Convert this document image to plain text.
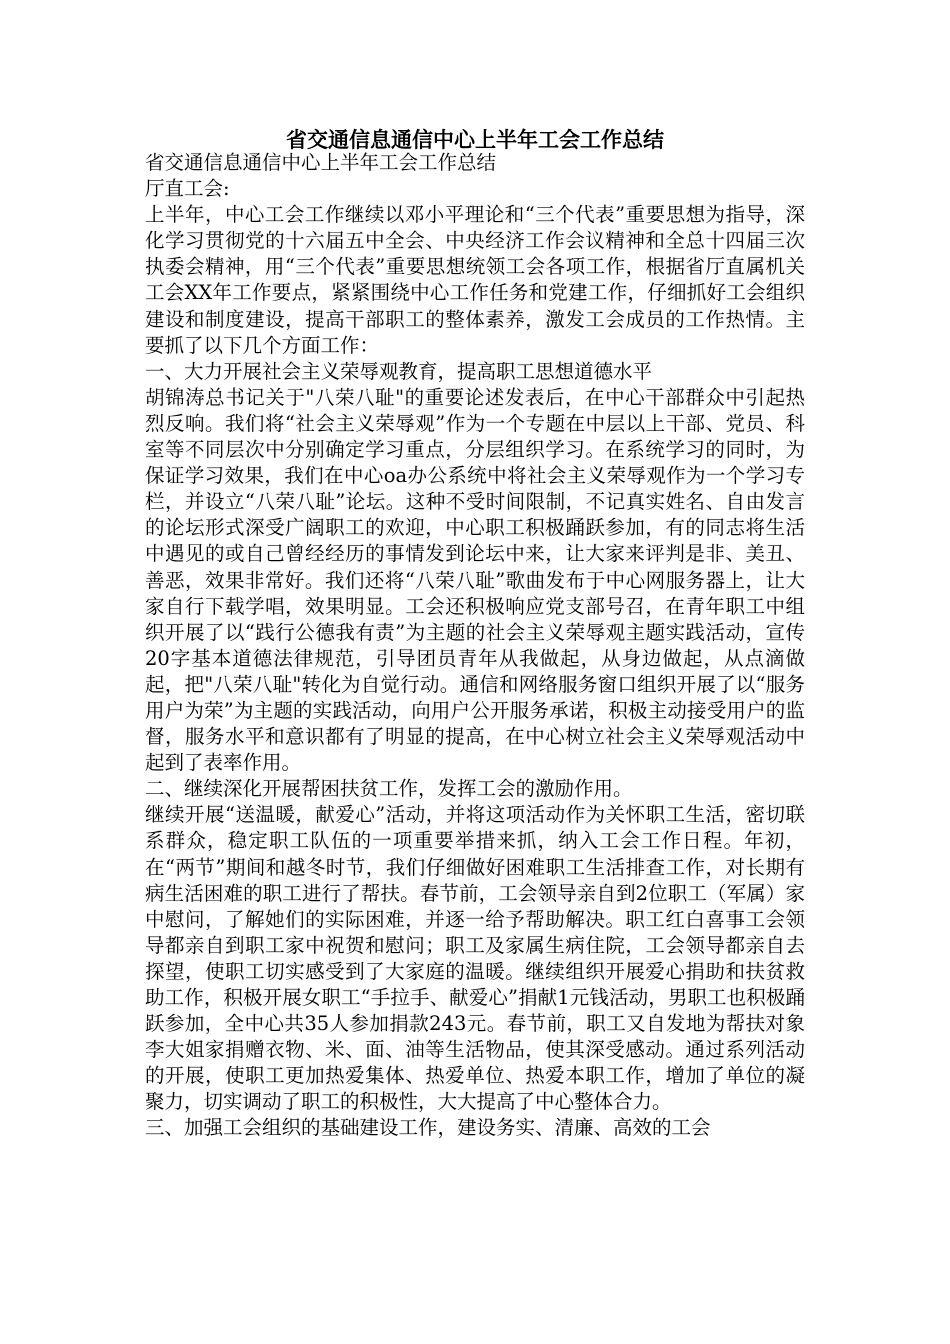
省交通信息通信中心上半年工会工作总结

省交通信息通信中心上半年工会工作总结

厅直工会:

上半年，中心工会工作继续以邓小平理论和“三个代表”重要思想为指导，深化学习贯彻党的十六届五中全会、中央经济工作会议精神和全总十四届三次执委会精神，用“三个代表”重要思想统领工会各项工作，根据省厅直属机关工会XX年工作要点，紧紧围绕中心工作任务和党建工作，仔细抓好工会组织建设和制度建设，提高干部职工的整体素养，激发工会成员的工作热情。主要抓了以下几个方面工作：

一、大力开展社会主义荣辱观教育，提高职工思想道德水平

胡锦涛总书记关于"八荣八耻"的重要论述发表后，在中心干部群众中引起热烈反响。我们将“社会主义荣辱观”作为一个专题在中层以上干部、党员、科室等不同层次中分别确定学习重点，分层组织学习。在系统学习的同时，为保证学习效果，我们在中心oa办公系统中将社会主义荣辱观作为一个学习专栏，并设立“八荣八耻”论坛。这种不受时间限制，不记真实姓名、自由发言的论坛形式深受广阔职工的欢迎，中心职工积极踊跃参加，有的同志将生活中遇见的或自己曾经经历的事情发到论坛中来，让大家来评判是非、美丑、善恶，效果非常好。我们还将“八荣八耻”歌曲发布于中心网服务器上，让大家自行下载学唱，效果明显。工会还积极响应党支部号召，在青年职工中组织开展了以“践行公德我有责”为主题的社会主义荣辱观主题实践活动，宣传20字基本道德法律规范，引导团员青年从我做起，从身边做起，从点滴做起，把"八荣八耻"转化为自觉行动。通信和网络服务窗口组织开展了以“服务用户为荣”为主题的实践活动，向用户公开服务承诺，积极主动接受用户的监督，服务水平和意识都有了明显的提高，在中心树立社会主义荣辱观活动中起到了表率作用。

二、继续深化开展帮困扶贫工作，发挥工会的激励作用。

继续开展“送温暖，献爱心”活动，并将这项活动作为关怀职工生活，密切联系群众，稳定职工队伍的一项重要举措来抓，纳入工会工作日程。年初，在“两节”期间和越冬时节，我们仔细做好困难职工生活排查工作，对长期有病生活困难的职工进行了帮扶。春节前，工会领导亲自到2位职工（军属）家中慰问，了解她们的实际困难，并逐一给予帮助解决。职工红白喜事工会领导都亲自到职工家中祝贺和慰问；职工及家属生病住院，工会领导都亲自去探望，使职工切实感受到了大家庭的温暖。继续组织开展爱心捐助和扶贫救助工作，积极开展女职工“手拉手、献爱心”捐献1元钱活动，男职工也积极踊跃参加，全中心共35人参加捐款243元。春节前，职工又自发地为帮扶对象李大姐家捐赠衣物、米、面、油等生活物品，使其深受感动。通过系列活动的开展，使职工更加热爱集体、热爱单位、热爱本职工作，增加了单位的凝聚力，切实调动了职工的积极性，大大提高了中心整体合力。

三、加强工会组织的基础建设工作，建设务实、清廉、高效的工会
